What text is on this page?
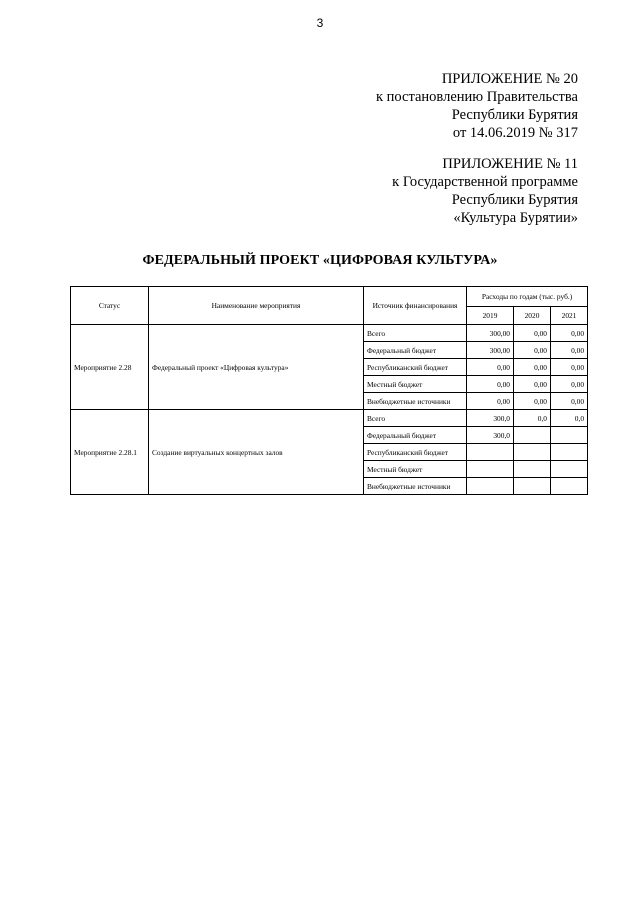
3
ПРИЛОЖЕНИЕ № 20
к постановлению Правительства
Республики Бурятия
от 14.06.2019 № 317
ПРИЛОЖЕНИЕ № 11
к Государственной программе
Республики Бурятия
«Культура Бурятии»
ФЕДЕРАЛЬНЫЙ ПРОЕКТ «ЦИФРОВАЯ КУЛЬТУРА»
Статус	Наименование мероприятия	Источник финансирования	Расходы по годам (тыс. руб.)		
			2019	2020	2021
Мероприятие 2.28	Федеральный проект «Цифровая культура»	Всего	300,00	0,00	0,00
		Федеральный бюджет	300,00	0,00	0,00
		Республиканский бюджет	0,00	0,00	0,00
		Местный бюджет	0,00	0,00	0,00
		Внебюджетные источники	0,00	0,00	0,00
Мероприятие 2.28.1	Создание виртуальных концертных залов	Всего	300,0	0,0	0,0
		Федеральный бюджет	300,0		
		Республиканский бюджет			
		Местный бюджет			
		Внебюджетные источники			
